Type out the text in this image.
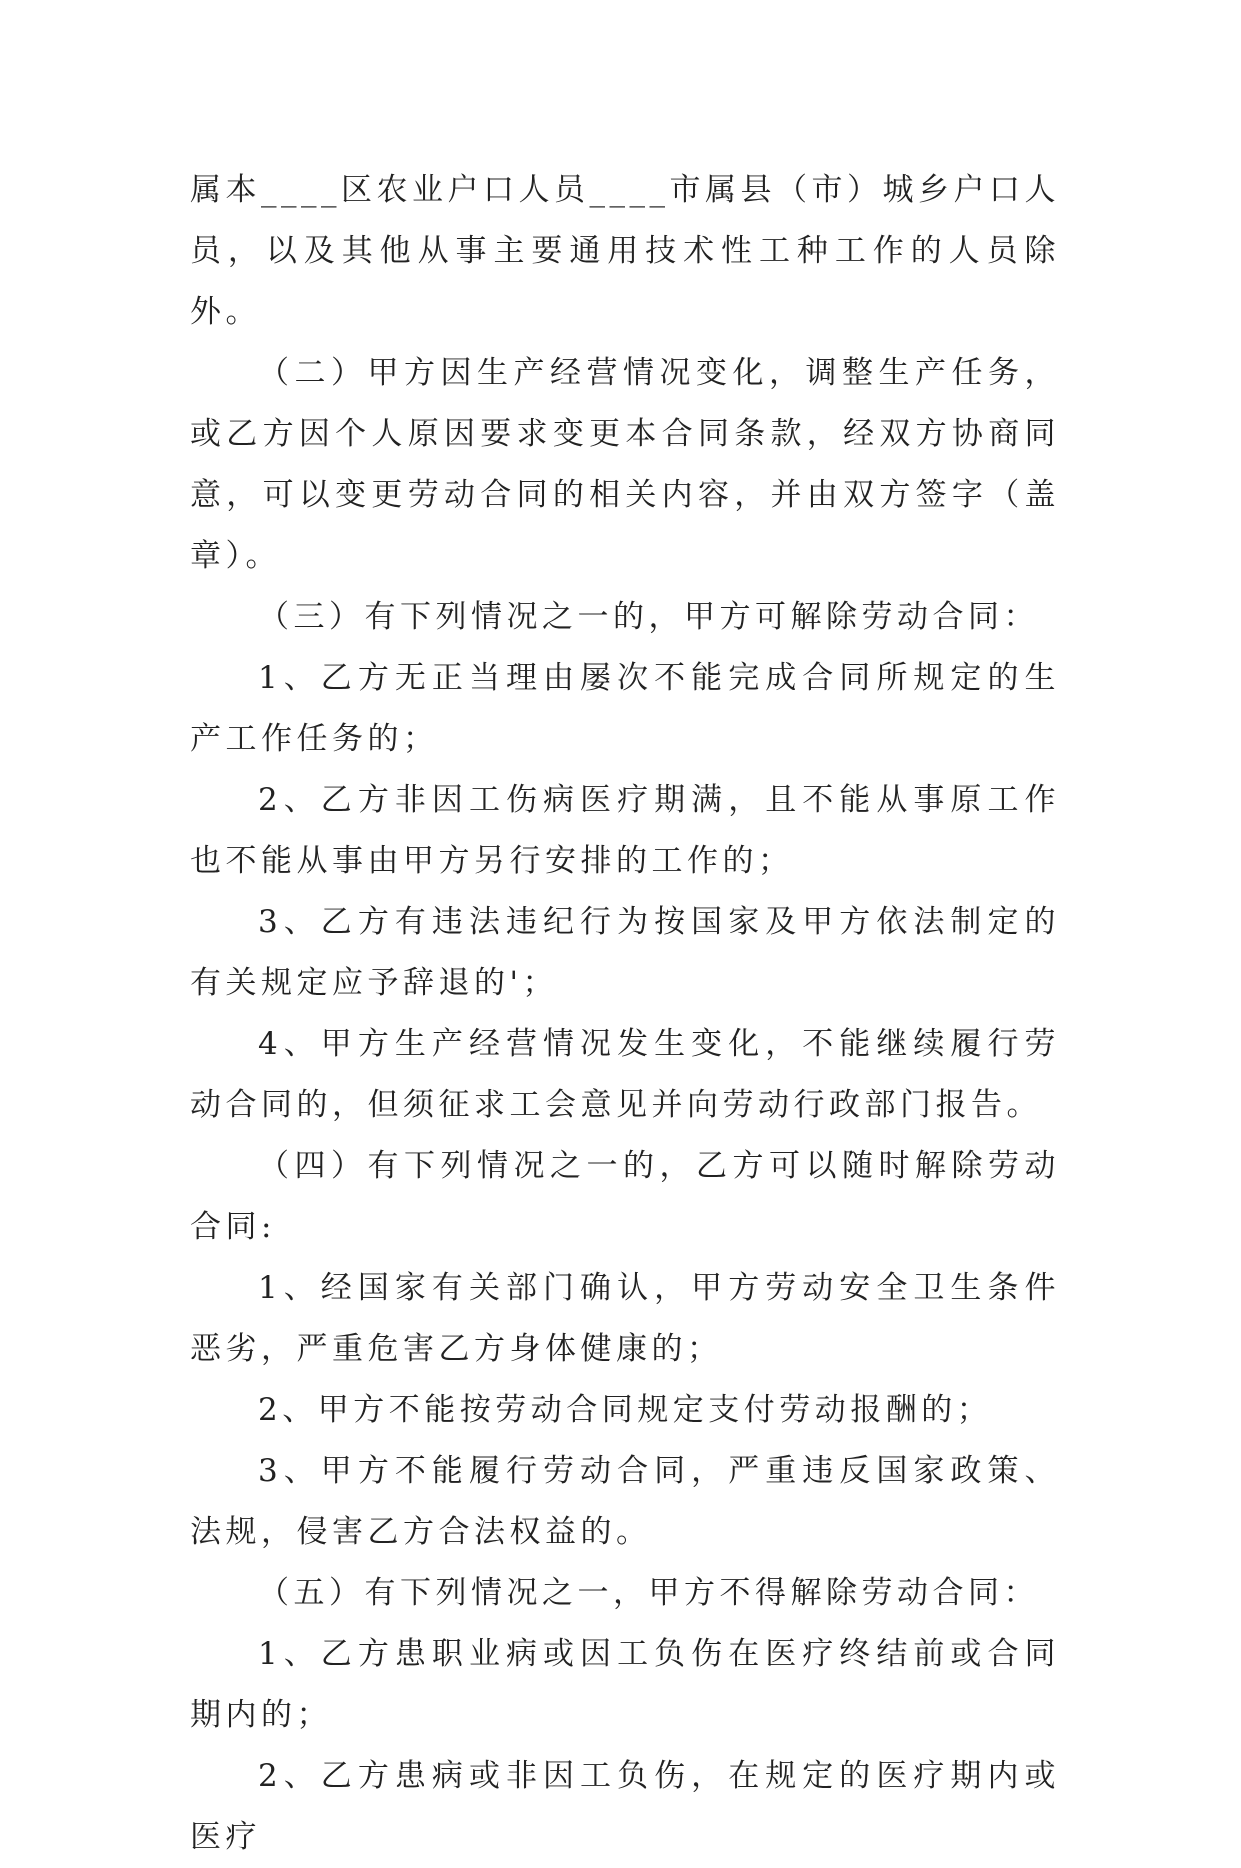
属本____区农业户口人员____市属县（市）城乡户口人员，以及其他从事主要通用技术性工种工作的人员除外。

（二）甲方因生产经营情况变化，调整生产任务，或乙方因个人原因要求变更本合同条款，经双方协商同意，可以变更劳动合同的相关内容，并由双方签字（盖章）。

（三）有下列情况之一的，甲方可解除劳动合同：

1、乙方无正当理由屡次不能完成合同所规定的生产工作任务的；

2、乙方非因工伤病医疗期满，且不能从事原工作也不能从事由甲方另行安排的工作的；

3、乙方有违法违纪行为按国家及甲方依法制定的有关规定应予辞退的'；

4、甲方生产经营情况发生变化，不能继续履行劳动合同的，但须征求工会意见并向劳动行政部门报告。

（四）有下列情况之一的，乙方可以随时解除劳动合同:

1、经国家有关部门确认，甲方劳动安全卫生条件恶劣，严重危害乙方身体健康的；

2、甲方不能按劳动合同规定支付劳动报酬的；

3、甲方不能履行劳动合同，严重违反国家政策、法规，侵害乙方合法权益的。

（五）有下列情况之一，甲方不得解除劳动合同：

1、乙方患职业病或因工负伤在医疗终结前或合同期内的；

2、乙方患病或非因工负伤，在规定的医疗期内或医疗
